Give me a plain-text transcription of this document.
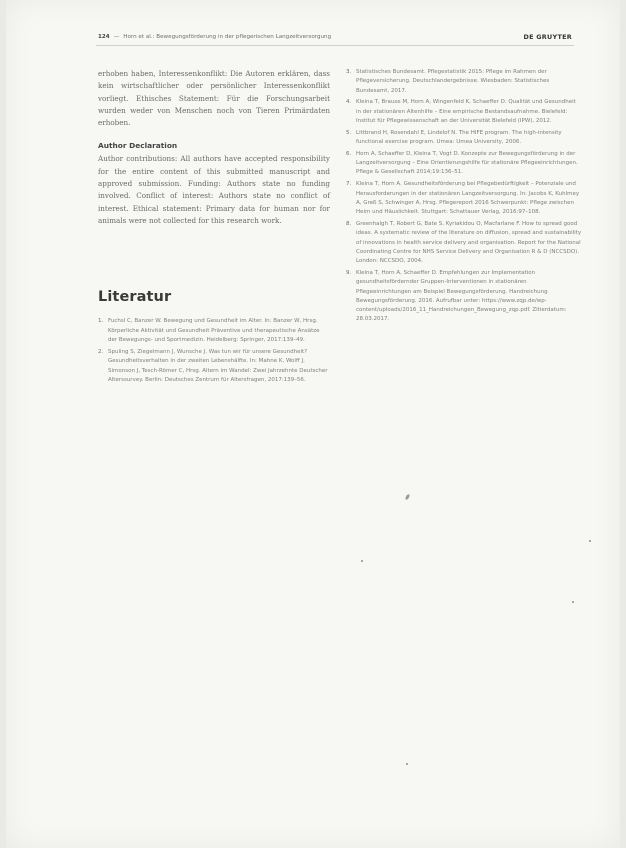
124 — Horn et al.: Bewegungsförderung in der pflegerischen Langzeitversorgung	DE GRUYTER

erhoben haben, Interessenkonflikt: Die Autoren erklären, dass kein wirtschaftlicher oder persönlicher Interessenkonflikt vorliegt. Ethisches Statement: Für die Forschungsarbeit wurden weder von Menschen noch von Tieren Primärdaten erhoben.

Author Declaration

Author contributions: All authors have accepted responsibility for the entire content of this submitted manuscript and approved submission. Funding: Authors state no funding involved. Conflict of interest: Authors state no conflict of interest. Ethical statement: Primary data for human nor for animals were not collected for this research work.

Literatur
1. Fuchsl C, Banzer W. Bewegung und Gesundheit im Alter. In: Banzer W, Hrsg. Körperliche Aktivität und Gesundheit Präventive und therapeutische Ansätze der Bewegungs- und Sportmedizin. Heidelberg: Springer, 2017:139–49.
2. Spuling S, Ziegelmann J, Wunsche J. Was tun wir für unsere Gesundheit? Gesundheitsverhalten in der zweiten Lebenshälfte. In: Mahne K, Wolff J, Simonson J, Tesch-Römer C, Hrsg. Altern im Wandel: Zwei Jahrzehnte Deutscher Alterssurvey. Berlin: Deutsches Zentrum für Altersfragen, 2017:139–56.
3. Statistisches Bundesamt. Pflegestatistik 2015: Pflege im Rahmen der Pflegeversicherung. Deutschlandergebnisse. Wiesbaden: Statistisches Bundesamt, 2017.
4. Kleina T, Brause M, Horn A, Wingenfeld K, Schaeffer D. Qualität und Gesundheit in der stationären Altenhilfe – Eine empirische Bestandsaufnahme. Bielefeld: Institut für Pflegewissenschaft an der Universität Bielefeld (IPW), 2012.
5. Littbrand H, Rosendahl E, Lindelof N. The HIFE program. The high-intensity functional exercise program. Umea: Umea University, 2006.
6. Horn A, Schaeffer D, Kleina T, Vogt D. Konzepte zur Bewegungsförderung in der Langzeitversorgung – Eine Orientierungshilfe für stationäre Pflegeeinrichtungen. Pflege & Gesellschaft 2014;19:136–51.
7. Kleina T, Horn A. Gesundheitsförderung bei Pflegebedürftigkeit – Potenziale und Herausforderungen in der stationären Langzeitversorgung. In: Jacobs K, Kuhlmey A, Greß S, Schwinger A, Hrsg. Pflegereport 2016 Schwerpunkt: Pflege zwischen Heim und Häuslichkeit. Stuttgart: Schattauer Verlag, 2016:97–108.
8. Greenhalgh T, Robert G, Bate S, Kyriakidou O, Macfarlane F. How to spread good ideas. A systematic review of the literature on diffusion, spread and sustainability of innovations in health service delivery and organisation. Report for the National Coordinating Centre for NHS Service Delivery and Organisation R & D (NCCSDO). London: NCCSDO, 2004.
9. Kleina T, Horn A, Schaeffer D. Empfehlungen zur Implementation gesundheitsfördernder Gruppen-Interventionen in stationären Pflegeeinrichtungen am Beispiel Bewegungsförderung. Handreichung Bewegungsförderung. 2016. Aufrufbar unter: https://www.zqp.de/wp-content/uploads/2016_11_Handreichungen_Bewegung_zqp.pdf. Zitierdatum: 28.03.2017.
